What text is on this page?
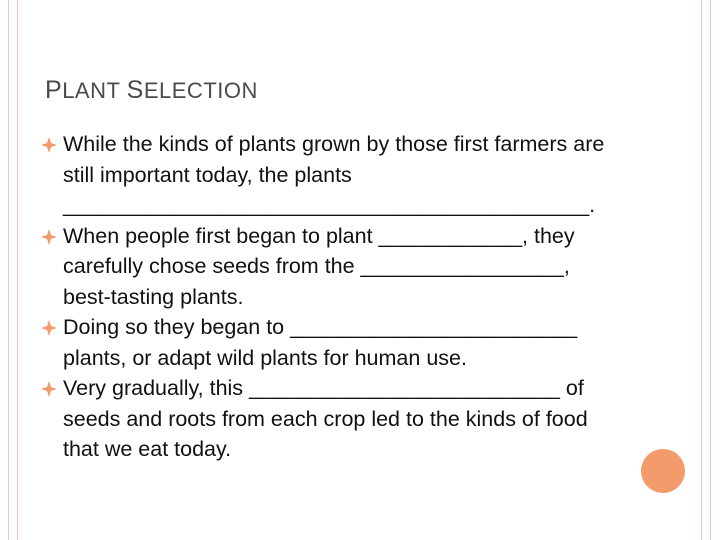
PLANT SELECTION
While the kinds of plants grown by those first farmers are still important today, the plants ____________________________________________.
When people first began to plant ____________, they carefully chose seeds from the _________________, best-tasting plants.
Doing so they began to ________________________ plants, or adapt wild plants for human use.
Very gradually, this __________________________ of seeds and roots from each crop led to the kinds of food that we eat today.
